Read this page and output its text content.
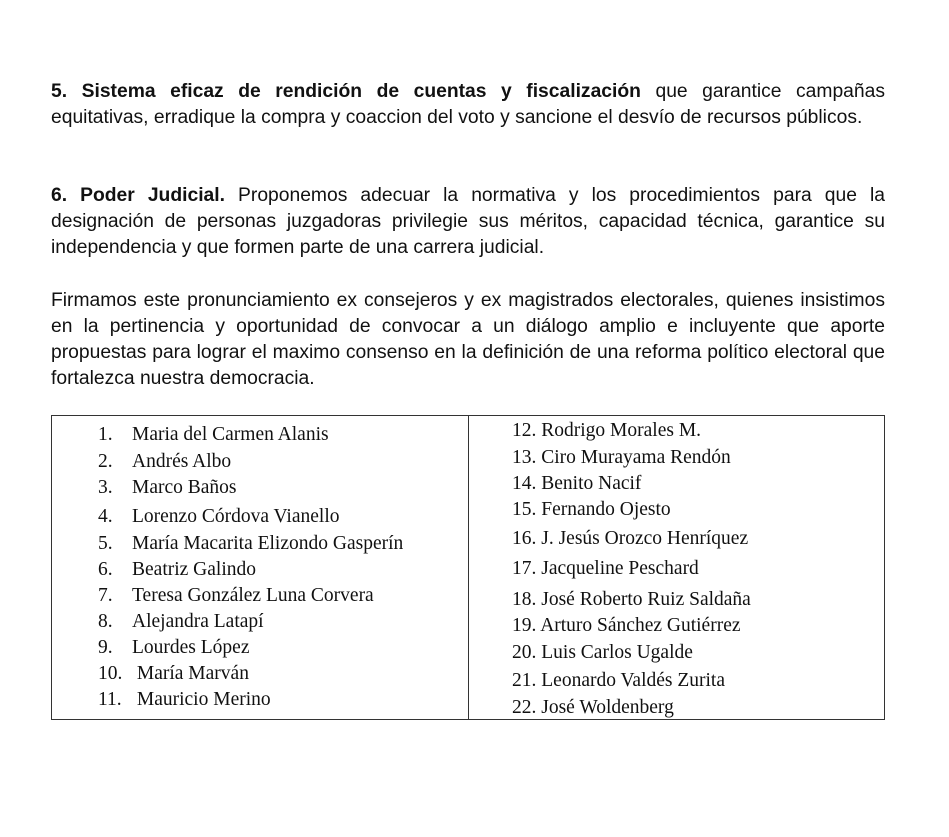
5. Sistema eficaz de rendición de cuentas y fiscalización que garantice campañas equitativas, erradique la compra y coaccion del voto y sancione el desvío de recursos públicos.

6. Poder Judicial. Proponemos adecuar la normativa y los procedimientos para que la designación de personas juzgadoras privilegie sus méritos, capacidad técnica, garantice su independencia y que formen parte de una carrera judicial.

Firmamos este pronunciamiento ex consejeros y ex magistrados electorales, quienes insistimos en la pertinencia y oportunidad de convocar a un diálogo amplio e incluyente que aporte propuestas para lograr el maximo consenso en la definición de una reforma político electoral que fortalezca nuestra democracia.

1. Maria del Carmen Alanis
2. Andrés Albo
3. Marco Baños
4. Lorenzo Córdova Vianello
5. María Macarita Elizondo Gasperín
6. Beatriz Galindo
7. Teresa González Luna Corvera
8. Alejandra Latapí
9. Lourdes López
10. María Marván
11. Mauricio Merino
12. Rodrigo Morales M.
13. Ciro Murayama Rendón
14. Benito Nacif
15. Fernando Ojesto
16. J. Jesús Orozco Henríquez
17. Jacqueline Peschard
18. José Roberto Ruiz Saldaña
19. Arturo Sánchez Gutiérrez
20. Luis Carlos Ugalde
21. Leonardo Valdés Zurita
22. José Woldenberg
